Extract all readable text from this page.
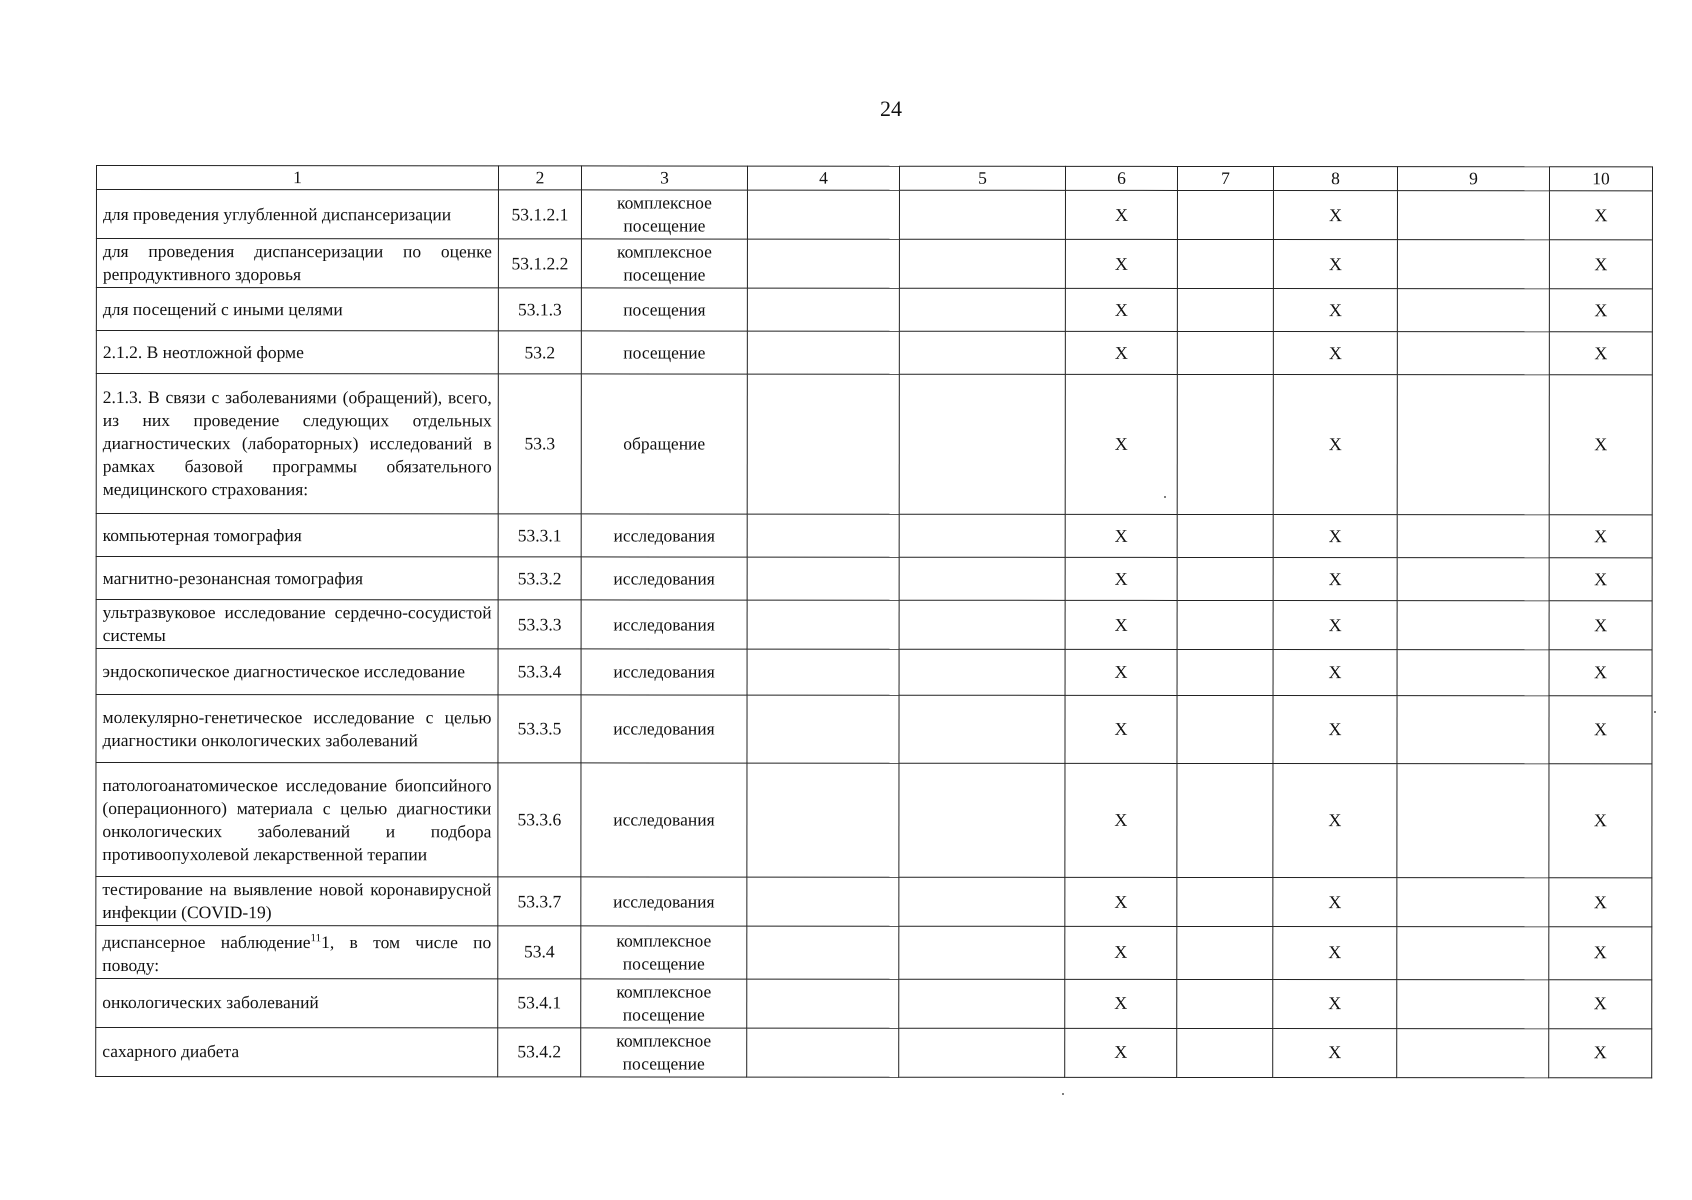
24
1	2	3	4	5	6	7	8	9	10
для проведения углубленной диспансеризации	53.1.2.1	комплексное посещение			X		X		X
для проведения диспансеризации по оценке репродуктивного здоровья	53.1.2.2	комплексное посещение			X		X		X
для посещений с иными целями	53.1.3	посещения			X		X		X
2.1.2. В неотложной форме	53.2	посещение			X		X		X
2.1.3. В связи с заболеваниями (обращений), всего, из них проведение следующих отдельных диагностических (лабораторных) исследований в рамках базовой программы обязательного медицинского страхования:	53.3	обращение			X		X		X
компьютерная томография	53.3.1	исследования			X		X		X
магнитно-резонансная томография	53.3.2	исследования			X		X		X
ультразвуковое исследование сердечно-сосудистой системы	53.3.3	исследования			X		X		X
эндоскопическое диагностическое исследование	53.3.4	исследования			X		X		X
молекулярно-генетическое исследование с целью диагностики онкологических заболеваний	53.3.5	исследования			X		X		X
патологоанатомическое исследование биопсийного (операционного) материала с целью диагностики онкологических заболеваний и подбора противоопухолевой лекарственной терапии	53.3.6	исследования			X		X		X
тестирование на выявление новой коронавирусной инфекции (COVID-19)	53.3.7	исследования			X		X		X
диспансерное наблюдение$^{11}$1, в том числе по поводу:	53.4	комплексное посещение			X		X		X
онкологических заболеваний	53.4.1	комплексное посещение			X		X		X
сахарного диабета	53.4.2	комплексное посещение			X		X		X
